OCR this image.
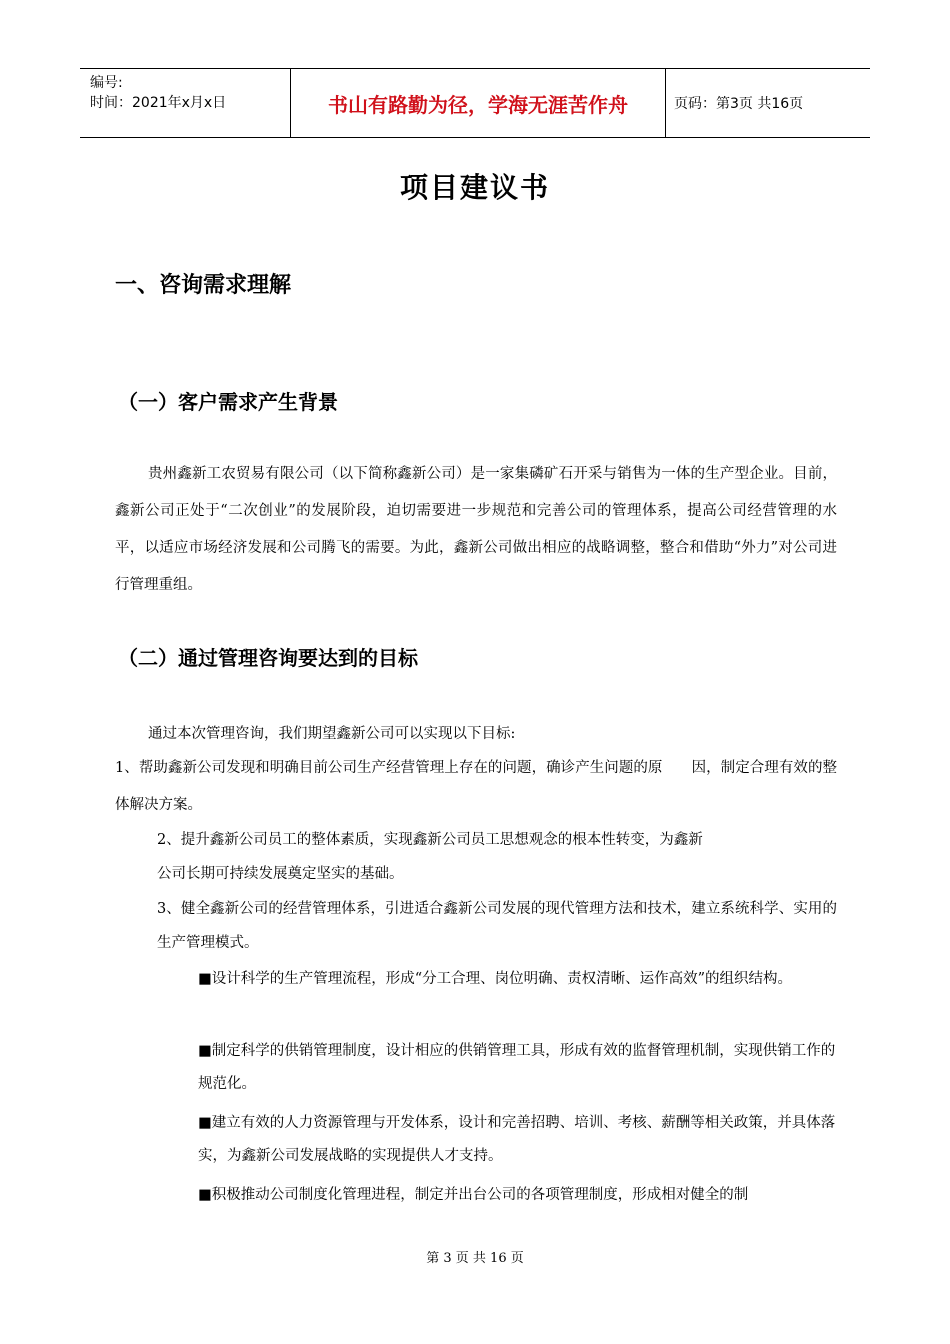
编号:
时间：2021年x月x日	书山有路勤为径，学海无涯苦作舟	页码：第3页 共16页
项目建议书
一、咨询需求理解
（一）客户需求产生背景
贵州鑫新工农贸易有限公司（以下简称鑫新公司）是一家集磷矿石开采与销售为一体的生产型企业。目前，鑫新公司正处于“二次创业”的发展阶段，迫切需要进一步规范和完善公司的管理体系，提高公司经营管理的水平，以适应市场经济发展和公司腾飞的需要。为此，鑫新公司做出相应的战略调整，整合和借助“外力”对公司进行管理重组。
（二）通过管理咨询要达到的目标
通过本次管理咨询，我们期望鑫新公司可以实现以下目标:
1、帮助鑫新公司发现和明确目前公司生产经营管理上存在的问题，确诊产生问题的原　　因，制定合理有效的整体解决方案。
2、提升鑫新公司员工的整体素质，实现鑫新公司员工思想观念的根本性转变，为鑫新
公司长期可持续发展奠定坚实的基础。
3、健全鑫新公司的经营管理体系，引进适合鑫新公司发展的现代管理方法和技术，建立系统科学、实用的生产管理模式。
■设计科学的生产管理流程，形成“分工合理、岗位明确、责权清晰、运作高效”的组织结构。
■制定科学的供销管理制度，设计相应的供销管理工具，形成有效的监督管理机制，实现供销工作的规范化。
■建立有效的人力资源管理与开发体系，设计和完善招聘、培训、考核、薪酬等相关政策，并具体落实，为鑫新公司发展战略的实现提供人才支持。
■积极推动公司制度化管理进程，制定并出台公司的各项管理制度，形成相对健全的制
第 3 页 共 16 页
